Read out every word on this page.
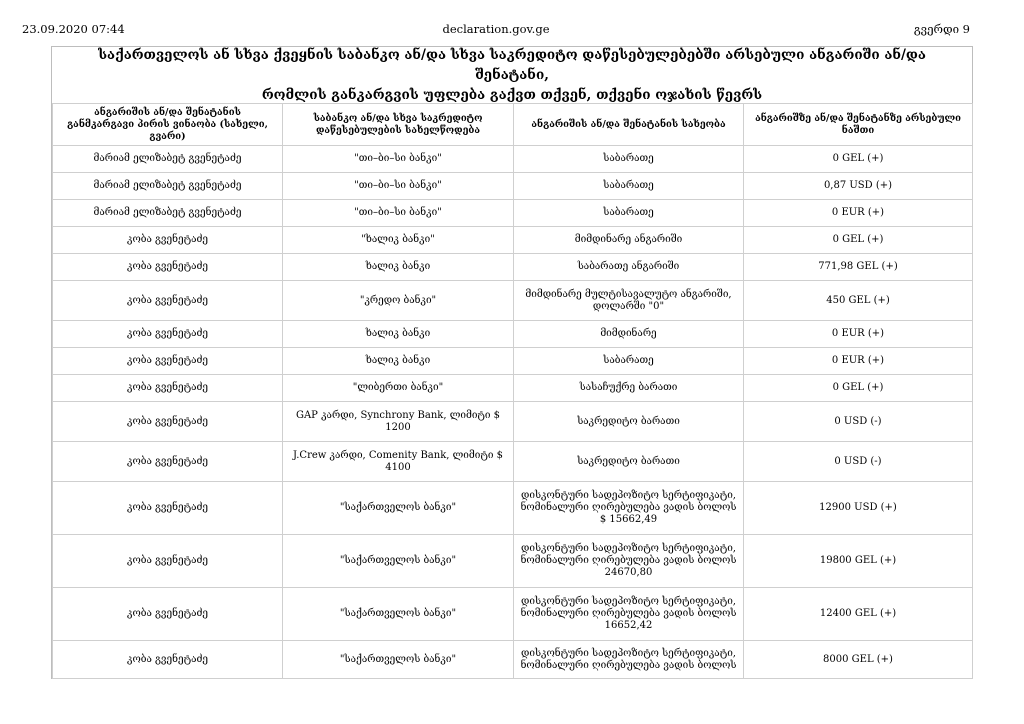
23.09.2020 07:44	declaration.gov.ge	გვერდი 9
საქართველოს ან სხვა ქვეყნის საბანკო ან/და სხვა საკრედიტო დაწესებულებებში არსებული ანგარიში ან/და შენატანი,
რომლის განკარგვის უფლება გაქვთ თქვენ, თქვენი ოჯახის წევრს
ანგარიშის ან/და შენატანის განმკარგავი პირის ვინაობა (სახელი, გვარი)	საბანკო ან/და სხვა საკრედიტო დაწესებულების სახელწოდება	ანგარიშის ან/და შენატანის სახეობა	ანგარიშზე ან/და შენატანზე არსებული ნაშთი
მარიამ ელიზაბეტ გვენეტაძე	"თი–ბი–სი ბანკი"	საბარათე	0 GEL (+)
მარიამ ელიზაბეტ გვენეტაძე	"თი–ბი–სი ბანკი"	საბარათე	0,87 USD (+)
მარიამ ელიზაბეტ გვენეტაძე	"თი–ბი–სი ბანკი"	საბარათე	0 EUR (+)
კობა გვენეტაძე	"ხალიკ ბანკი"	მიმდინარე ანგარიში	0 GEL (+)
კობა გვენეტაძე	ხალიკ ბანკი	საბარათე ანგარიში	771,98 GEL (+)
კობა გვენეტაძე	"კრედო ბანკი"	მიმდინარე მულტისავალუტო ანგარიში, დოლარში "0"	450 GEL (+)
კობა გვენეტაძე	ხალიკ ბანკი	მიმდინარე	0 EUR (+)
კობა გვენეტაძე	ხალიკ ბანკი	საბარათე	0 EUR (+)
კობა გვენეტაძე	"ლიბერთი ბანკი"	სასაჩუქრე ბარათი	0 GEL (+)
კობა გვენეტაძე	GAP კარდი, Synchrony Bank, ლიმიტი $ 1200	საკრედიტო ბარათი	0 USD (-)
კობა გვენეტაძე	J.Crew კარდი, Comenity Bank, ლიმიტი $ 4100	საკრედიტო ბარათი	0 USD (-)
კობა გვენეტაძე	"საქართველოს ბანკი"	დისკონტური სადეპოზიტო სერტიფიკატი, ნომინალური ღირებულება ვადის ბოლოს $ 15662,49	12900 USD (+)
კობა გვენეტაძე	"საქართველოს ბანკი"	დისკონტური სადეპოზიტო სერტიფიკატი, ნომინალური ღირებულება ვადის ბოლოს 24670,80	19800 GEL (+)
კობა გვენეტაძე	"საქართველოს ბანკი"	დისკონტური სადეპოზიტო სერტიფიკატი, ნომინალური ღირებულება ვადის ბოლოს 16652,42	12400 GEL (+)
კობა გვენეტაძე	"საქართველოს ბანკი"	დისკონტური სადეპოზიტო სერტიფიკატი, ნომინალური ღირებულება ვადის ბოლოს	8000 GEL (+)
